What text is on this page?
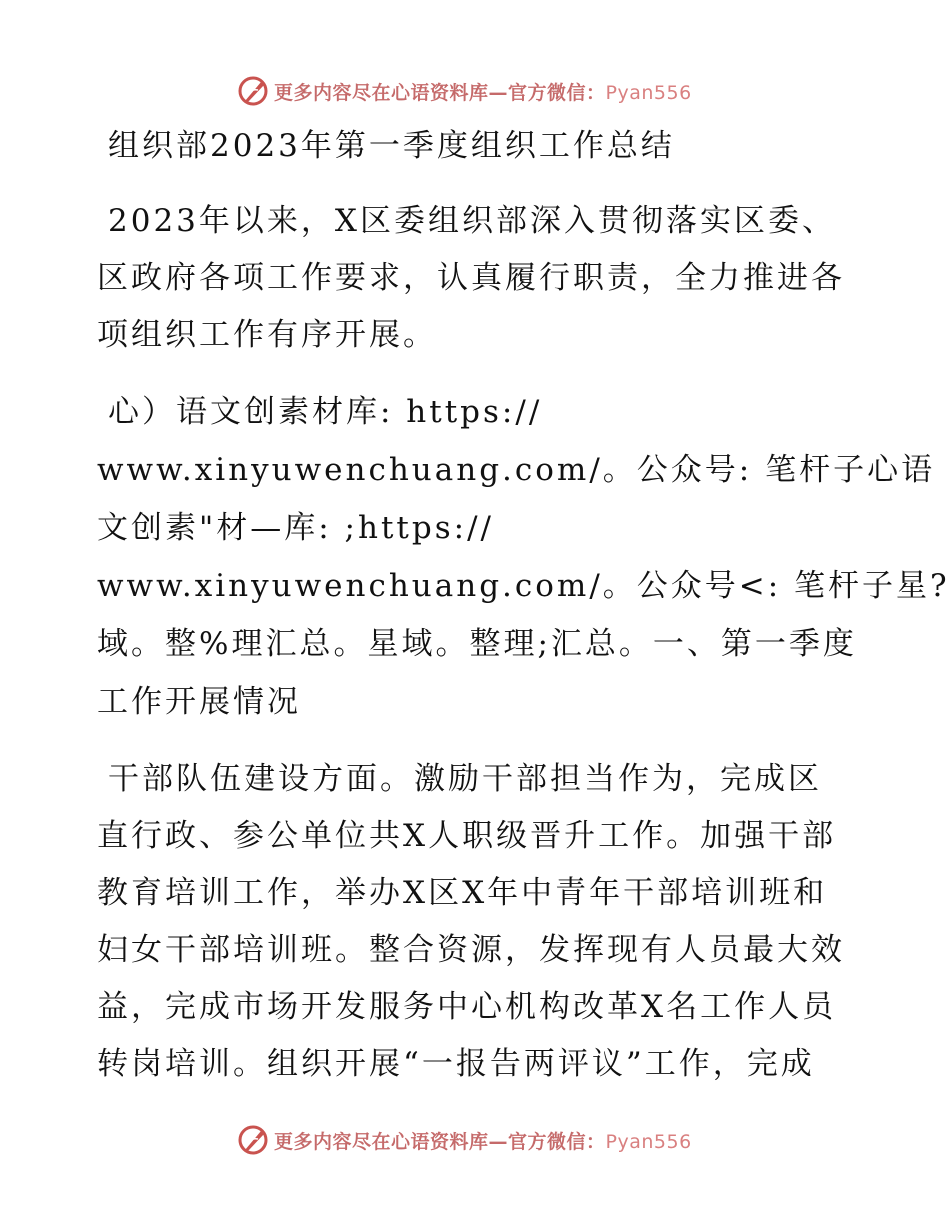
更多内容尽在心语资料库—官方微信：Pyan556
组织部2023年第一季度组织工作总结
2023年以来，X区委组织部深入贯彻落实区委、
区政府各项工作要求，认真履行职责，全力推进各
项组织工作有序开展。
心）语文创素材库: https://
www.xinyuwenchuang.com/。公众号: 笔杆子心语
文创素"材—库: ;https://
www.xinyuwenchuang.com/。公众号<: 笔杆子星?
域。整%理汇总。星域。整理;汇总。一、第一季度
工作开展情况
干部队伍建设方面。激励干部担当作为，完成区
直行政、参公单位共X人职级晋升工作。加强干部
教育培训工作，举办X区X年中青年干部培训班和
妇女干部培训班。整合资源，发挥现有人员最大效
益，完成市场开发服务中心机构改革X名工作人员
转岗培训。组织开展“一报告两评议”工作，完成
更多内容尽在心语资料库—官方微信：Pyan556
